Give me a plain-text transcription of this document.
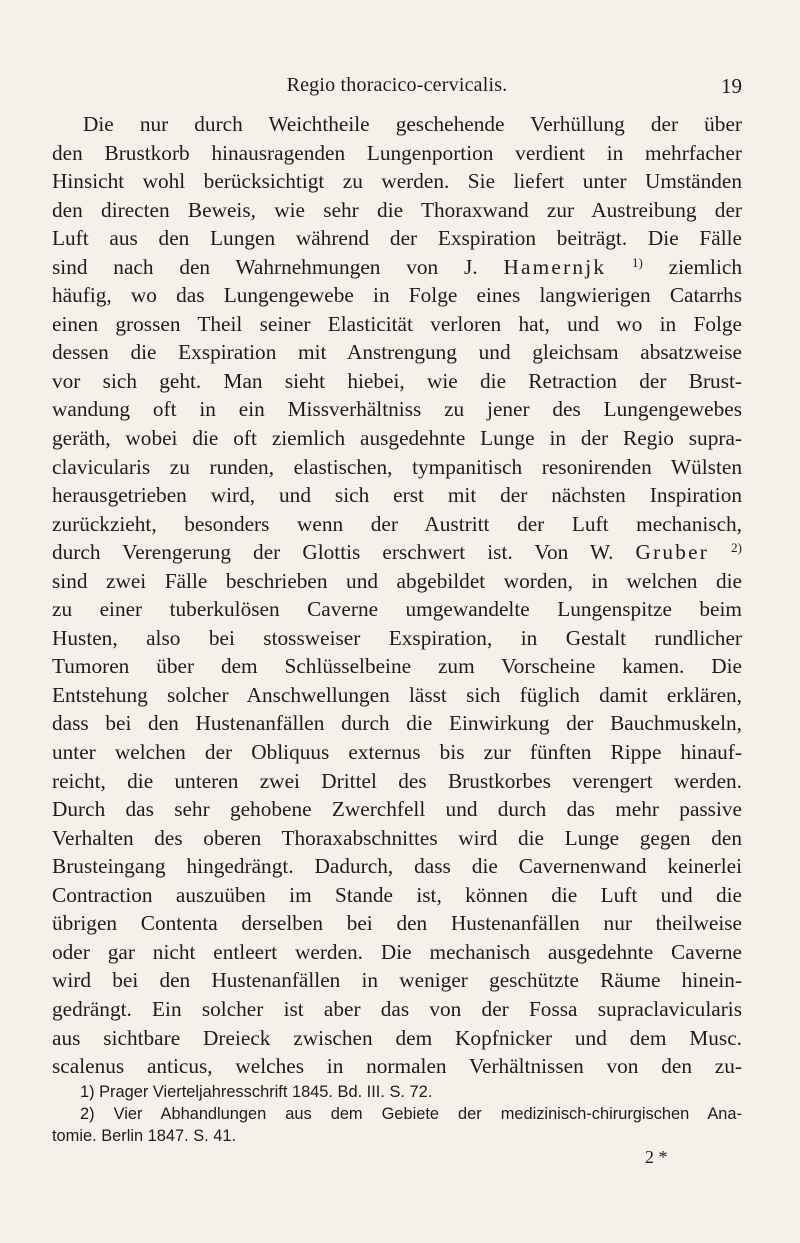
Regio thoracico-cervicalis.	19
Die nur durch Weichtheile geschehende Verhüllung der über
den Brustkorb hinausragenden Lungenportion verdient in mehrfacher
Hinsicht wohl berücksichtigt zu werden. Sie liefert unter Umständen
den directen Beweis, wie sehr die Thoraxwand zur Austreibung der
Luft aus den Lungen während der Exspiration beiträgt. Die Fälle
sind nach den Wahrnehmungen von J. Hamernjk $^{1)}$ ziemlich
häufig, wo das Lungengewebe in Folge eines langwierigen Catarrhs
einen grossen Theil seiner Elasticität verloren hat, und wo in Folge
dessen die Exspiration mit Anstrengung und gleichsam absatzweise
vor sich geht. Man sieht hiebei, wie die Retraction der Brust-
wandung oft in ein Missverhältniss zu jener des Lungengewebes
geräth, wobei die oft ziemlich ausgedehnte Lunge in der Regio supra-
clavicularis zu runden, elastischen, tympanitisch resonirenden Wülsten
herausgetrieben wird, und sich erst mit der nächsten Inspiration
zurückzieht, besonders wenn der Austritt der Luft mechanisch,
durch Verengerung der Glottis erschwert ist. Von W. Gruber $^{2)}$
sind zwei Fälle beschrieben und abgebildet worden, in welchen die
zu einer tuberkulösen Caverne umgewandelte Lungenspitze beim
Husten, also bei stossweiser Exspiration, in Gestalt rundlicher
Tumoren über dem Schlüsselbeine zum Vorscheine kamen. Die
Entstehung solcher Anschwellungen lässt sich füglich damit erklären,
dass bei den Hustenanfällen durch die Einwirkung der Bauchmuskeln,
unter welchen der Obliquus externus bis zur fünften Rippe hinauf-
reicht, die unteren zwei Drittel des Brustkorbes verengert werden.
Durch das sehr gehobene Zwerchfell und durch das mehr passive
Verhalten des oberen Thoraxabschnittes wird die Lunge gegen den
Brusteingang hingedrängt. Dadurch, dass die Cavernenwand keinerlei
Contraction auszuüben im Stande ist, können die Luft und die
übrigen Contenta derselben bei den Hustenanfällen nur theilweise
oder gar nicht entleert werden. Die mechanisch ausgedehnte Caverne
wird bei den Hustenanfällen in weniger geschützte Räume hinein-
gedrängt. Ein solcher ist aber das von der Fossa supraclavicularis
aus sichtbare Dreieck zwischen dem Kopfnicker und dem Musc.
scalenus anticus, welches in normalen Verhältnissen von den zu-
1) Prager Vierteljahresschrift 1845. Bd. III. S. 72.
2) Vier Abhandlungen aus dem Gebiete der medizinisch-chirurgischen Ana-
tomie. Berlin 1847. S. 41.
2 *
